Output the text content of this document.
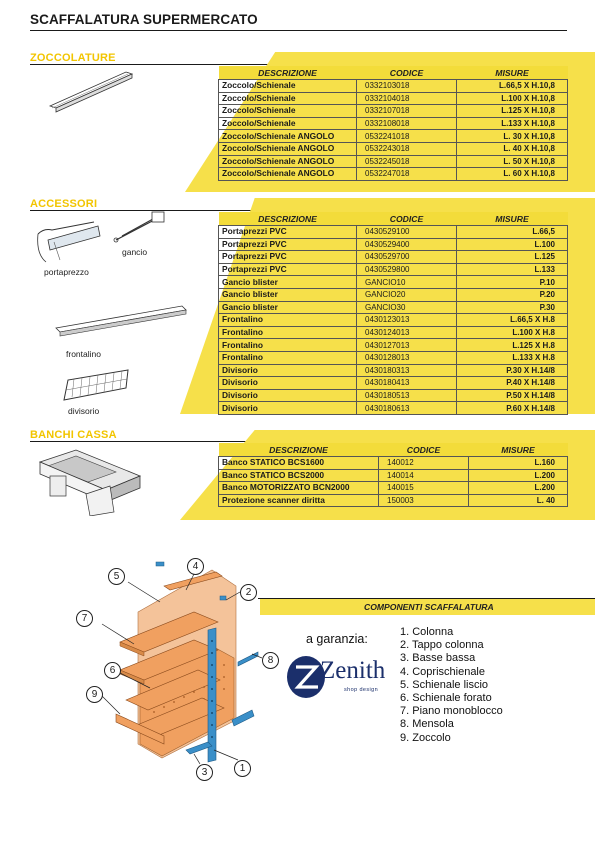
SCAFFALATURA SUPERMERCATO
ZOCCOLATURE
DESCRIZIONE	CODICE	MISURE
Zoccolo/Schienale	0332103018	L.66,5 X H.10,8
Zoccolo/Schienale	0332104018	L.100 X H.10,8
Zoccolo/Schienale	0332107018	L.125 X H.10,8
Zoccolo/Schienale	0332108018	L.133 X H.10,8
Zoccolo/Schienale ANGOLO	0532241018	L. 30 X H.10,8
Zoccolo/Schienale ANGOLO	0532243018	L. 40 X H.10,8
Zoccolo/Schienale ANGOLO	0532245018	L. 50 X H.10,8
Zoccolo/Schienale ANGOLO	0532247018	L. 60 X H.10,8
ACCESSORI
portaprezzo
gancio
frontalino
divisorio
DESCRIZIONE	CODICE	MISURE
Portaprezzi PVC	0430529100	L.66,5
Portaprezzi PVC	0430529400	L.100
Portaprezzi PVC	0430529700	L.125
Portaprezzi PVC	0430529800	L.133
Gancio blister	GANCIO10	P.10
Gancio blister	GANCIO20	P.20
Gancio blister	GANCIO30	P.30
Frontalino	0430123013	L.66,5 X H.8
Frontalino	0430124013	L.100 X H.8
Frontalino	0430127013	L.125 X H.8
Frontalino	0430128013	L.133 X H.8
Divisorio	0430180313	P.30 X H.14/8
Divisorio	0430180413	P.40 X H.14/8
Divisorio	0430180513	P.50 X H.14/8
Divisorio	0430180613	P.60 X H.14/8
BANCHI CASSA
DESCRIZIONE	CODICE	MISURE
Banco STATICO BCS1600	140012	L.160
Banco STATICO BCS2000	140014	L.200
Banco MOTORIZZATO BCN2000	140015	L.200
Protezione scanner diritta	150003	L. 40
COMPONENTI SCAFFALATURA
1
2
3
4
5
6
7
8
9
a garanzia:
Zenith
shop design
1. Colonna
2. Tappo colonna
3. Basse bassa
4. Coprischienale
5. Schienale liscio
6. Schienale forato
7. Piano monoblocco
8. Mensola
9. Zoccolo
